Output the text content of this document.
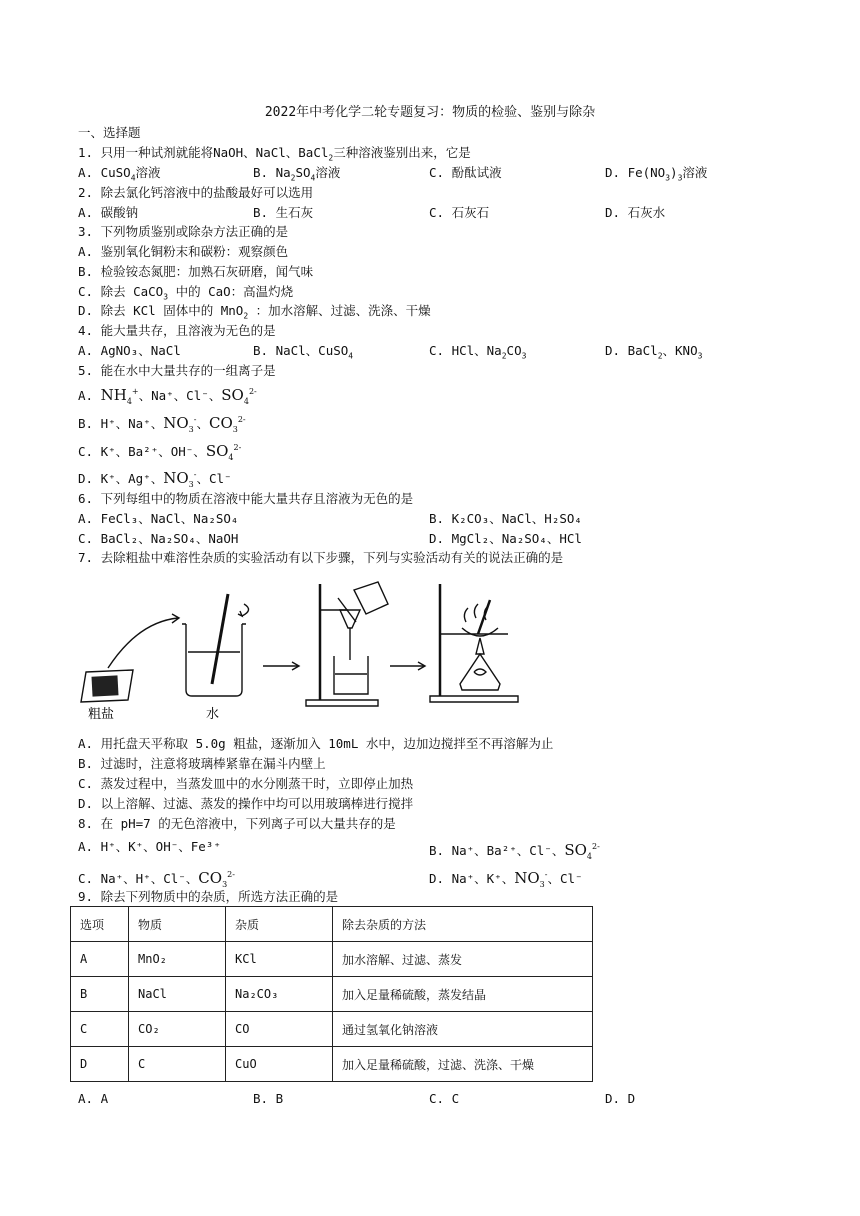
2022年中考化学二轮专题复习：物质的检验、鉴别与除杂
一、选择题
1. 只用一种试剂就能将NaOH、NaCl、BaCl$_2$三种溶液鉴别出来，它是
A. CuSO$_4$溶液	B. $Na_2SO_4$溶液	C. 酚酞试液	D. $Fe(NO_3)_3$溶液
2. 除去氯化钙溶液中的盐酸最好可以选用
A. 碳酸钠	B. 生石灰	C. 石灰石	D. 石灰水
3. 下列物质鉴别或除杂方法正确的是
A. 鉴别氧化铜粉末和碳粉：观察颜色
B. 检验铵态氮肥：加熟石灰研磨，闻气味
C. 除去 CaCO$_3$ 中的 CaO：高温灼烧
D. 除去 KCl 固体中的 MnO$_2$ ：加水溶解、过滤、洗涤、干燥
4. 能大量共存，且溶液为无色的是
A. AgNO₃、NaCl	B. NaCl、CuSO$_4$	C. HCl、$Na_2CO_3$	D. BaCl$_2$、$KNO_3$
5. 能在水中大量共存的一组离子是
A. $NH_4^+$、Na⁺、Cl⁻、$SO_4^{2-}$
B. H⁺、Na⁺、$NO_3^-$、$CO_3^{2-}$
C. K⁺、Ba²⁺、OH⁻、$SO_4^{2-}$
D. K⁺、Ag⁺、$NO_3^-$、Cl⁻
6. 下列每组中的物质在溶液中能大量共存且溶液为无色的是
A. FeCl₃、NaCl、Na₂SO₄	B. K₂CO₃、NaCl、H₂SO₄
C. BaCl₂、Na₂SO₄、NaOH	D. MgCl₂、Na₂SO₄、HCl
7. 去除粗盐中难溶性杂质的实验活动有以下步骤，下列与实验活动有关的说法正确的是
粗盐	水
A. 用托盘天平称取 5.0g 粗盐，逐渐加入 10mL 水中，边加边搅拌至不再溶解为止
B. 过滤时，注意将玻璃棒紧靠在漏斗内壁上
C. 蒸发过程中，当蒸发皿中的水分刚蒸干时，立即停止加热
D. 以上溶解、过滤、蒸发的操作中均可以用玻璃棒进行搅拌
8. 在 pH=7 的无色溶液中，下列离子可以大量共存的是
A. H⁺、K⁺、OH⁻、Fe³⁺	B. Na⁺、Ba²⁺、Cl⁻、$SO_4^{2-}$
C. Na⁺、H⁺、Cl⁻、$CO_3^{2-}$	D. Na⁺、K⁺、$NO_3^-$、Cl⁻
9. 除去下列物质中的杂质，所选方法正确的是
选项	物质	杂质	除去杂质的方法
A	MnO₂	KCl	加水溶解、过滤、蒸发
B	NaCl	Na₂CO₃	加入足量稀硫酸，蒸发结晶
C	CO₂	CO	通过氢氧化钠溶液
D	C	CuO	加入足量稀硫酸，过滤、洗涤、干燥
A. A	B. B	C. C	D. D
